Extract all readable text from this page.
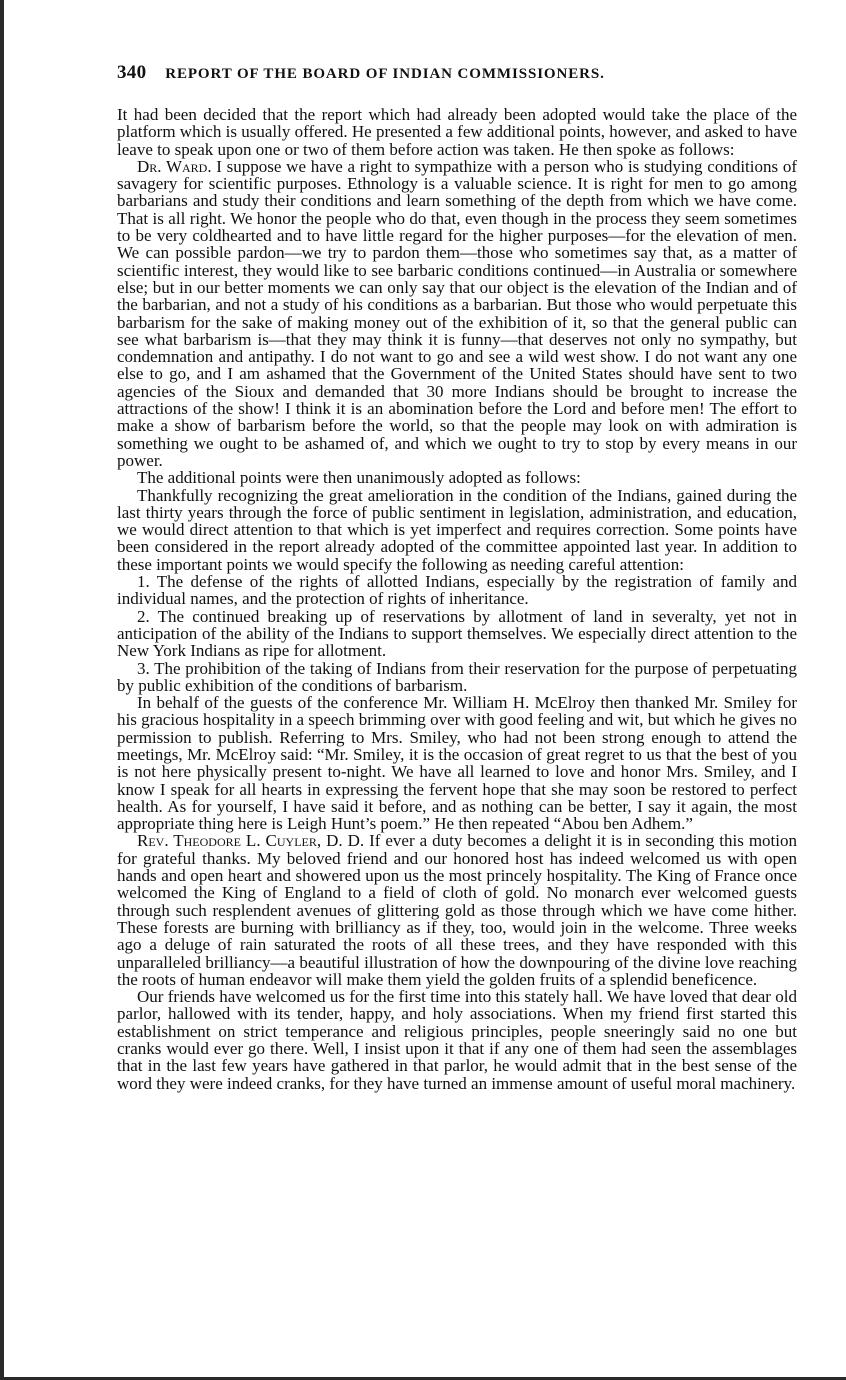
340 REPORT OF THE BOARD OF INDIAN COMMISSIONERS.

It had been decided that the report which had already been adopted would take the place of the platform which is usually offered. He presented a few additional points, however, and asked to have leave to speak upon one or two of them before action was taken. He then spoke as follows:

Dr. Ward. I suppose we have a right to sympathize with a person who is studying conditions of savagery for scientific purposes. Ethnology is a valuable science. It is right for men to go among barbarians and study their conditions and learn something of the depth from which we have come. That is all right. We honor the people who do that, even though in the process they seem sometimes to be very coldhearted and to have little regard for the higher purposes—for the elevation of men. We can possible pardon—we try to pardon them—those who sometimes say that, as a matter of scientific interest, they would like to see barbaric conditions continued—in Australia or somewhere else; but in our better moments we can only say that our object is the elevation of the Indian and of the barbarian, and not a study of his conditions as a barbarian. But those who would perpetuate this barbarism for the sake of making money out of the exhibition of it, so that the general public can see what barbarism is—that they may think it is funny—that deserves not only no sympathy, but condemnation and antipathy. I do not want to go and see a wild west show. I do not want any one else to go, and I am ashamed that the Government of the United States should have sent to two agencies of the Sioux and demanded that 30 more Indians should be brought to increase the attractions of the show! I think it is an abomination before the Lord and before men! The effort to make a show of barbarism before the world, so that the people may look on with admiration is something we ought to be ashamed of, and which we ought to try to stop by every means in our power.

The additional points were then unanimously adopted as follows:

Thankfully recognizing the great amelioration in the condition of the Indians, gained during the last thirty years through the force of public sentiment in legislation, administration, and education, we would direct attention to that which is yet imperfect and requires correction. Some points have been considered in the report already adopted of the committee appointed last year. In addition to these important points we would specify the following as needing careful attention:

1. The defense of the rights of allotted Indians, especially by the registration of family and individual names, and the protection of rights of inheritance.

2. The continued breaking up of reservations by allotment of land in severalty, yet not in anticipation of the ability of the Indians to support themselves. We especially direct attention to the New York Indians as ripe for allotment.

3. The prohibition of the taking of Indians from their reservation for the purpose of perpetuating by public exhibition of the conditions of barbarism.

In behalf of the guests of the conference Mr. William H. McElroy then thanked Mr. Smiley for his gracious hospitality in a speech brimming over with good feeling and wit, but which he gives no permission to publish. Referring to Mrs. Smiley, who had not been strong enough to attend the meetings, Mr. McElroy said: “Mr. Smiley, it is the occasion of great regret to us that the best of you is not here physically present to-night. We have all learned to love and honor Mrs. Smiley, and I know I speak for all hearts in expressing the fervent hope that she may soon be restored to perfect health. As for yourself, I have said it before, and as nothing can be better, I say it again, the most appropriate thing here is Leigh Hunt’s poem.” He then repeated “Abou ben Adhem.”

Rev. Theodore L. Cuyler, D. D. If ever a duty becomes a delight it is in seconding this motion for grateful thanks. My beloved friend and our honored host has indeed welcomed us with open hands and open heart and showered upon us the most princely hospitality. The King of France once welcomed the King of England to a field of cloth of gold. No monarch ever welcomed guests through such resplendent avenues of glittering gold as those through which we have come hither. These forests are burning with brilliancy as if they, too, would join in the welcome. Three weeks ago a deluge of rain saturated the roots of all these trees, and they have responded with this unparalleled brilliancy—a beautiful illustration of how the downpouring of the divine love reaching the roots of human endeavor will make them yield the golden fruits of a splendid beneficence.

Our friends have welcomed us for the first time into this stately hall. We have loved that dear old parlor, hallowed with its tender, happy, and holy associations. When my friend first started this establishment on strict temperance and religious principles, people sneeringly said no one but cranks would ever go there. Well, I insist upon it that if any one of them had seen the assemblages that in the last few years have gathered in that parlor, he would admit that in the best sense of the word they were indeed cranks, for they have turned an immense amount of useful moral machinery.
